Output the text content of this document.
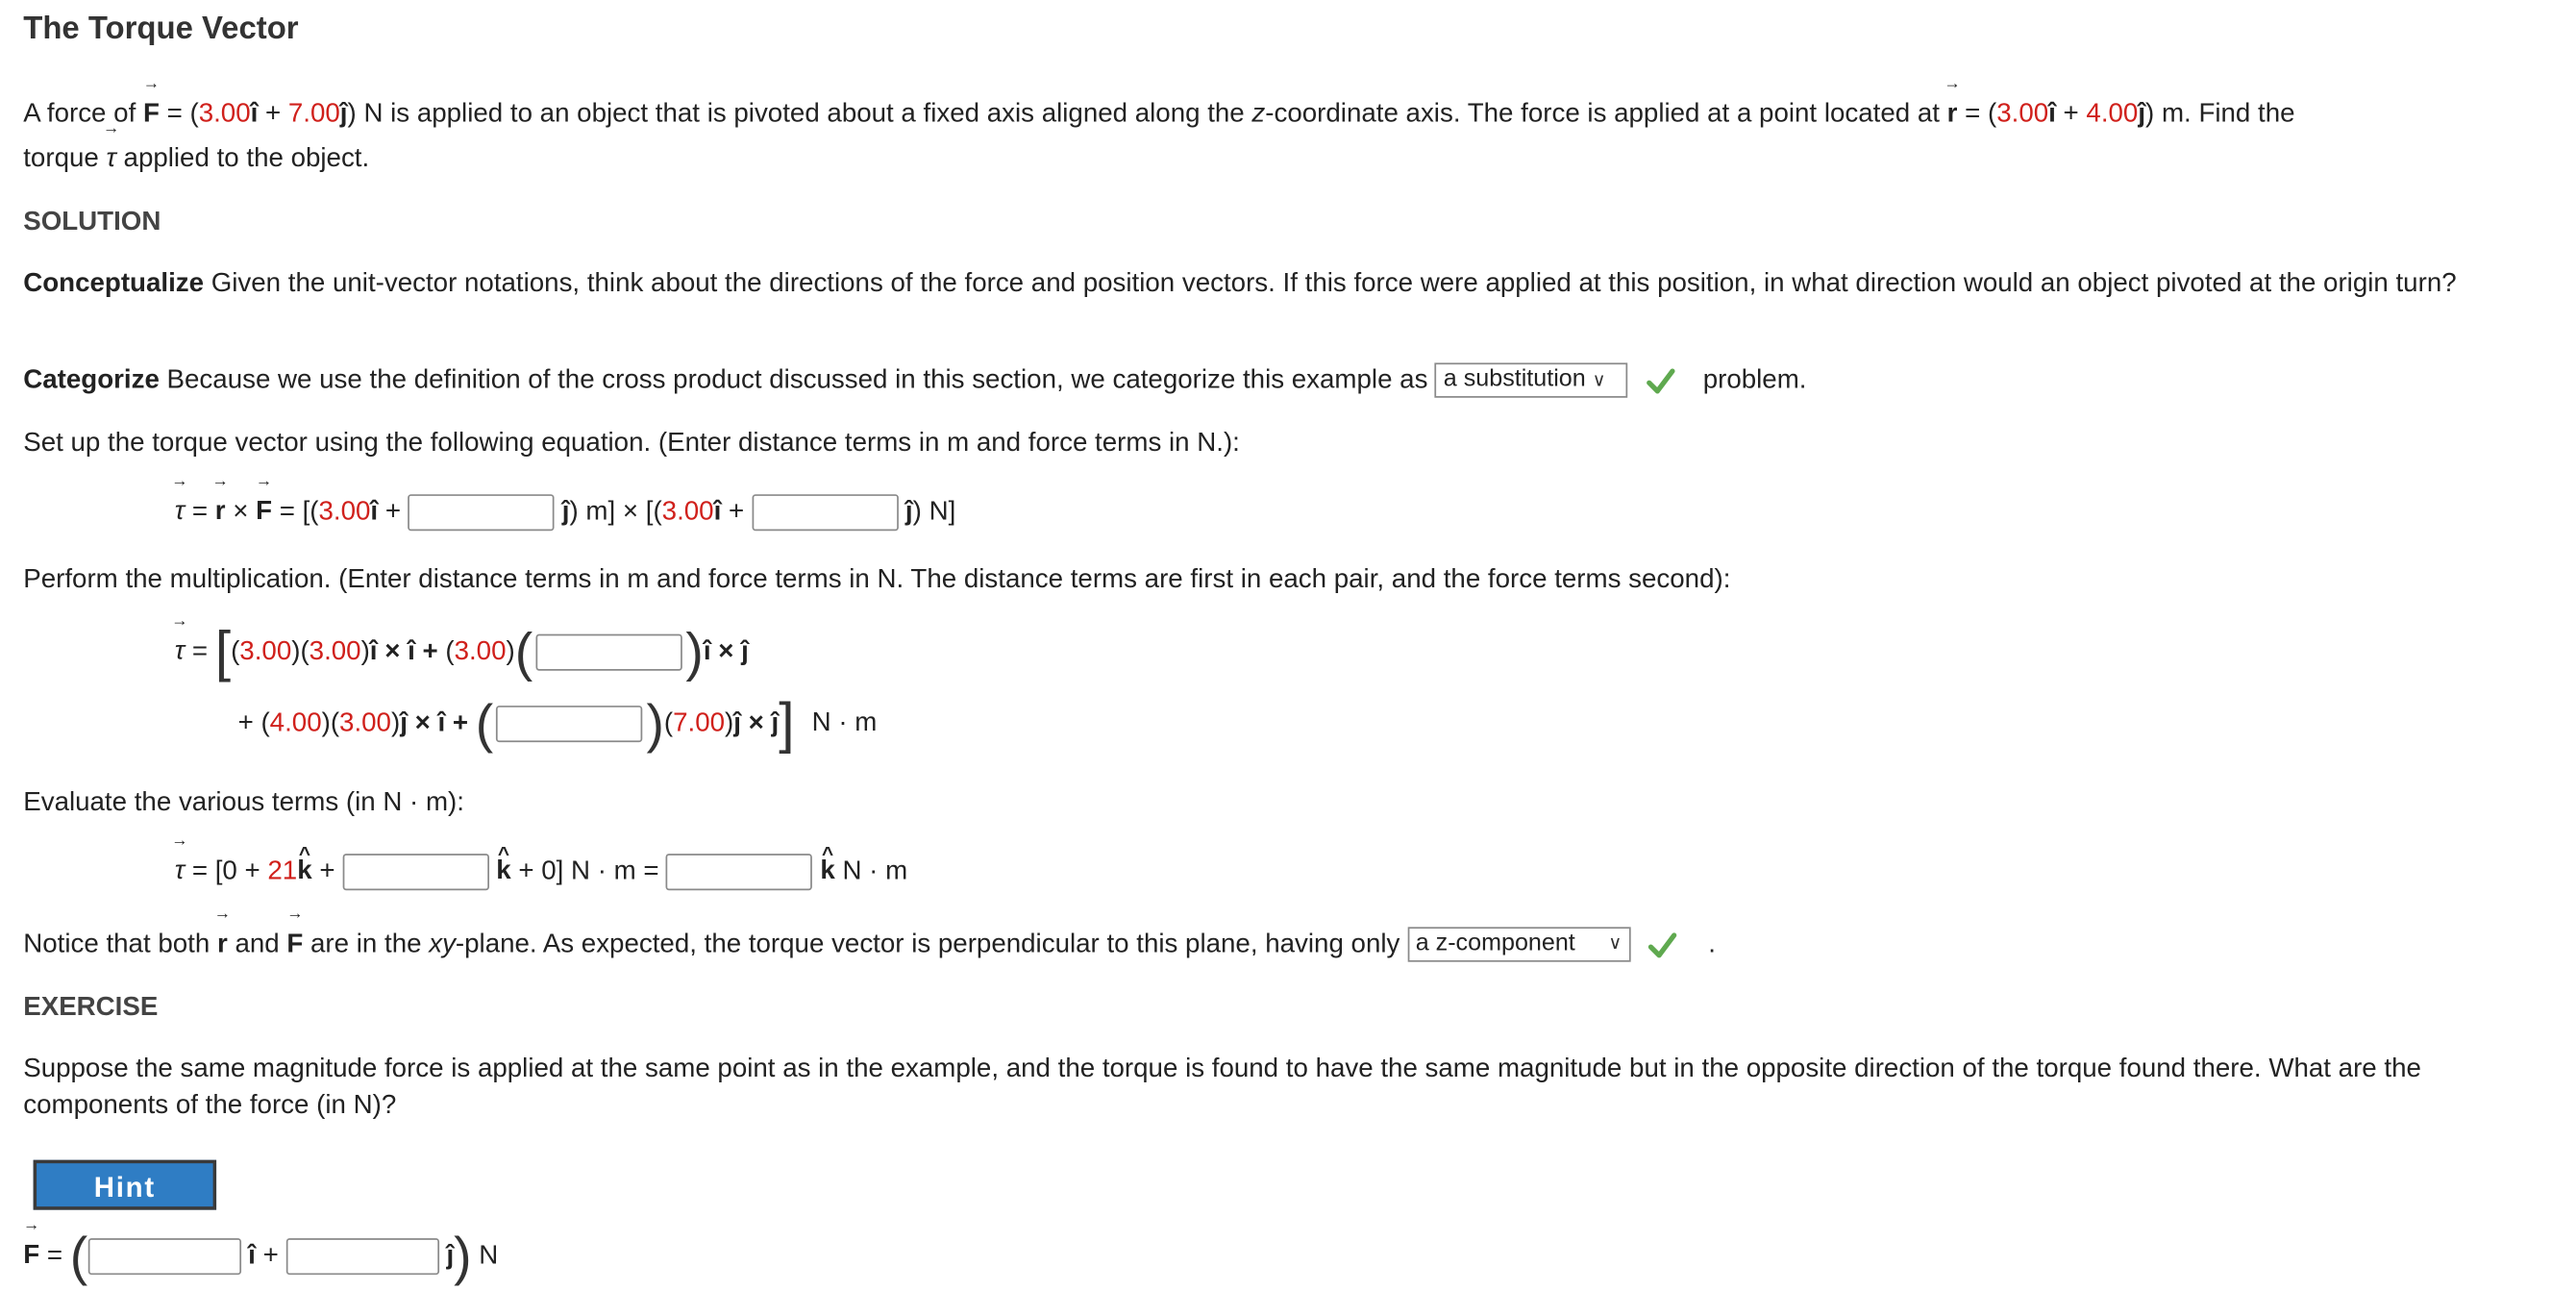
The Torque Vector
A force of → F = (3.00î + 7.00ĵ) N is applied to an object that is pivoted about a fixed axis aligned along the z-coordinate axis. The force is applied at a point located at → r = (3.00î + 4.00ĵ) m. Find the
torque → τ applied to the object.
SOLUTION
Conceptualize Given the unit-vector notations, think about the directions of the force and position vectors. If this force were applied at this position, in what direction would an object pivoted at the origin turn?
Categorize Because we use the definition of the cross product discussed in this section, we categorize this example as a substitution ∨	problem.
Set up the torque vector using the following equation. (Enter distance terms in m and force terms in N.):
→ τ = → r × → F = [(3.00î +	ĵ) m] × [(3.00î +	ĵ) N]
Perform the multiplication. (Enter distance terms in m and force terms in N. The distance terms are first in each pair, and the force terms second):
→ τ = [(3.00)(3.00)î × î + (3.00)(	)î × ĵ
+ (4.00)(3.00)ĵ × î + (	)(7.00)ĵ × ĵ] N · m
Evaluate the various terms (in N · m):
→ τ = [0 + 21^ k +	^ k + 0] N · m =	^ k N · m
Notice that both → r and → F are in the xy-plane. As expected, the torque vector is perpendicular to this plane, having only a z-component	∨	.
EXERCISE
Suppose the same magnitude force is applied at the same point as in the example, and the torque is found to have the same magnitude but in the opposite direction of the torque found there. What are the components of the force (in N)?
Hint
→ F = (	î +	ĵ) N
